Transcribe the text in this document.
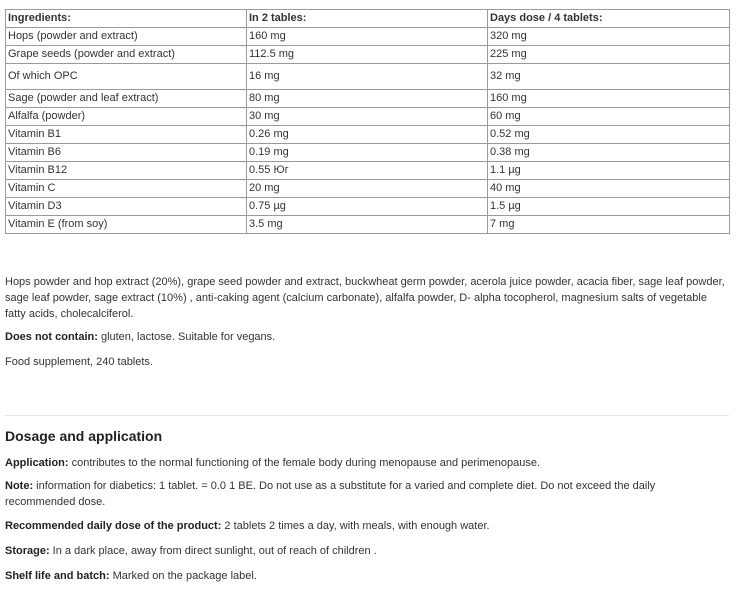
Ingredients:	In 2 tables:	Days dose / 4 tablets:
Hops (powder and extract)	160 mg	320 mg
Grape seeds (powder and extract)	112.5 mg	225 mg
Of which OPC	16 mg	32 mg
Sage (powder and leaf extract)	80 mg	160 mg
Alfalfa (powder)	30 mg	60 mg
Vitamin B1	0.26 mg	0.52 mg
Vitamin B6	0.19 mg	0.38 mg
Vitamin B12	0.55 Юг	1.1 µg
Vitamin C	20 mg	40 mg
Vitamin D3	0.75 µg	1.5 µg
Vitamin E (from soy)	3.5 mg	7 mg

Hops powder and hop extract (20%), grape seed powder and extract, buckwheat germ powder, acerola juice powder, acacia fiber, sage leaf powder, sage leaf powder, sage extract (10%) , anti-caking agent (calcium carbonate), alfalfa powder, D- alpha tocopherol, magnesium salts of vegetable fatty acids, cholecalciferol.

Does not contain: gluten, lactose. Suitable for vegans.

Food supplement, 240 tablets.

Dosage and application

Application: contributes to the normal functioning of the female body during menopause and perimenopause.

Note: information for diabetics: 1 tablet. = 0.0 1 BE. Do not use as a substitute for a varied and complete diet. Do not exceed the daily recommended dose.

Recommended daily dose of the product: 2 tablets 2 times a day, with meals, with enough water.

Storage: In a dark place, away from direct sunlight, out of reach of children .

Shelf life and batch: Marked on the package label.
